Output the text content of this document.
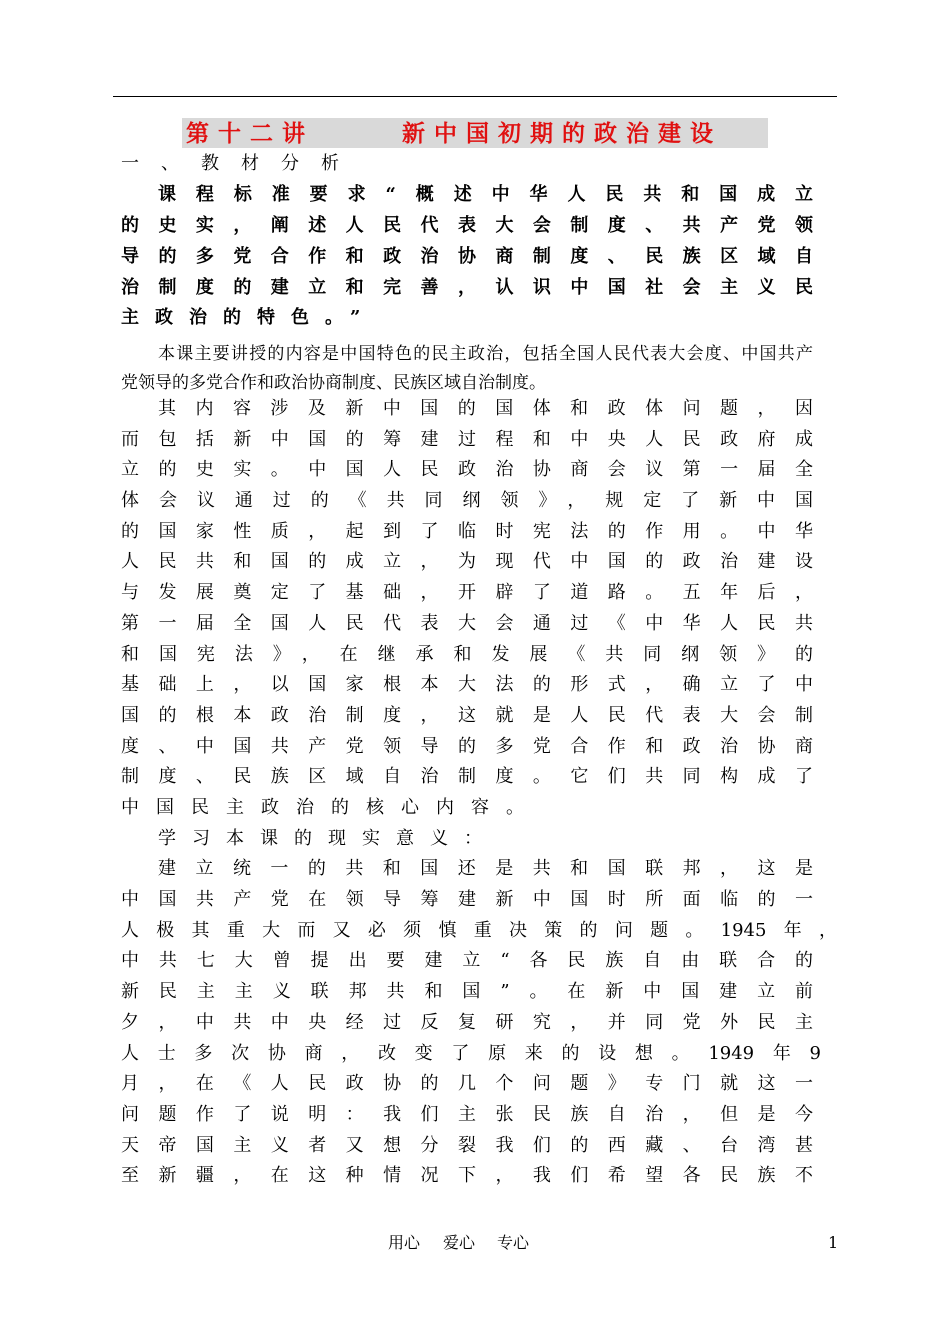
第十二讲	新中国初期的政治建设
一、教材分析
课程标准要求“概述中华人民共和国成立
的史实，阐述人民代表大会制度、共产党领
导的多党合作和政治协商制度、民族区域自
治制度的建立和完善，认识中国社会主义民
主政治的特色。”
本课主要讲授的内容是中国特色的民主政治，包括全国人民代表大会度、中国共产
党领导的多党合作和政治协商制度、民族区域自治制度。
其内容涉及新中国的国体和政体问题，因
而包括新中国的筹建过程和中央人民政府成
立的史实。中国人民政治协商会议第一届全
体会议通过的《共同纲领》，规定了新中国
的国家性质，起到了临时宪法的作用。中华
人民共和国的成立，为现代中国的政治建设
与发展奠定了基础，开辟了道路。五年后，
第一届全国人民代表大会通过《中华人民共
和国宪法》，在继承和发展《共同纲领》的
基础上，以国家根本大法的形式，确立了中
国的根本政治制度，这就是人民代表大会制
度、中国共产党领导的多党合作和政治协商
制度、民族区域自治制度。它们共同构成了
中国民主政治的核心内容。
学习本课的现实意义：
建立统一的共和国还是共和国联邦，这是
中国共产党在领导筹建新中国时所面临的一
人极其重大而又必须慎重决策的问题。1945年，
中共七大曾提出要建立“各民族自由联合的
新民主主义联邦共和国”。在新中国建立前
夕，中共中央经过反复研究，并同党外民主
人士多次协商，改变了原来的设想。1949年9
月，在《人民政协的几个问题》专门就这一
问题作了说明：我们主张民族自治，但是今
天帝国主义者又想分裂我们的西藏、台湾甚
至新疆，在这种情况下，我们希望各民族不
用心 爱心 专心	1
